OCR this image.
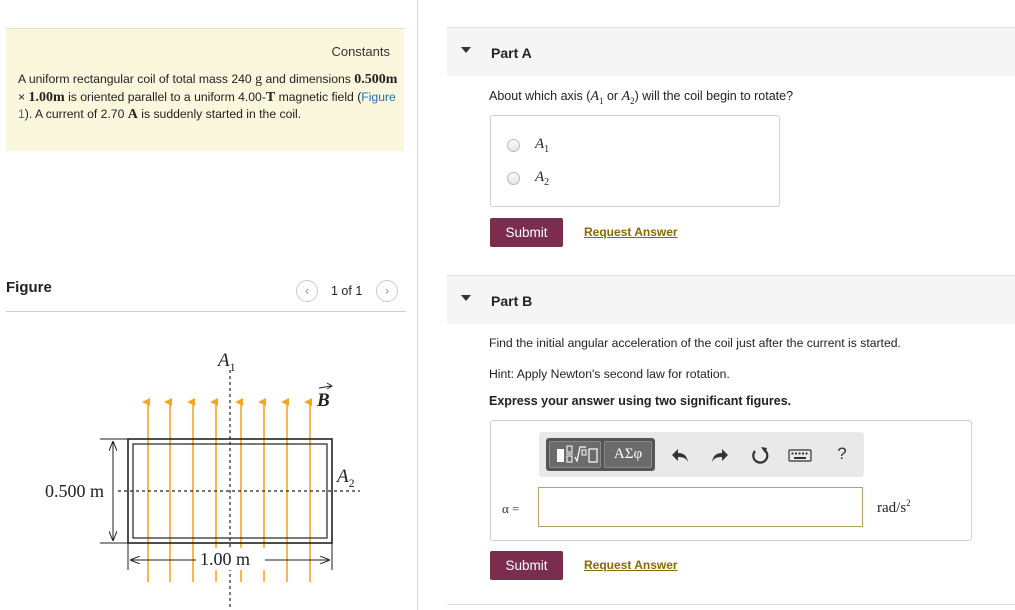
Constants
A uniform rectangular coil of total mass 240 g and dimensions 0.500m × 1.00m is oriented parallel to a uniform 4.00-T magnetic field (Figure 1). A current of 2.70 A is suddenly started in the coil.
Figure	‹	1 of 1	›
$A_1$
B
$A_2$
0.500 m
1.00 m
Part A
About which axis ($A_1$ or $A_2$) will the coil begin to rotate?
$A_1$
$A_2$
Submit	Request Answer
Part B
Find the initial angular acceleration of the coil just after the current is started.
Hint: Apply Newton's second law for rotation.
Express your answer using two significant figures.
ΑΣφ	?
α =	rad/$s^2$
Submit	Request Answer
